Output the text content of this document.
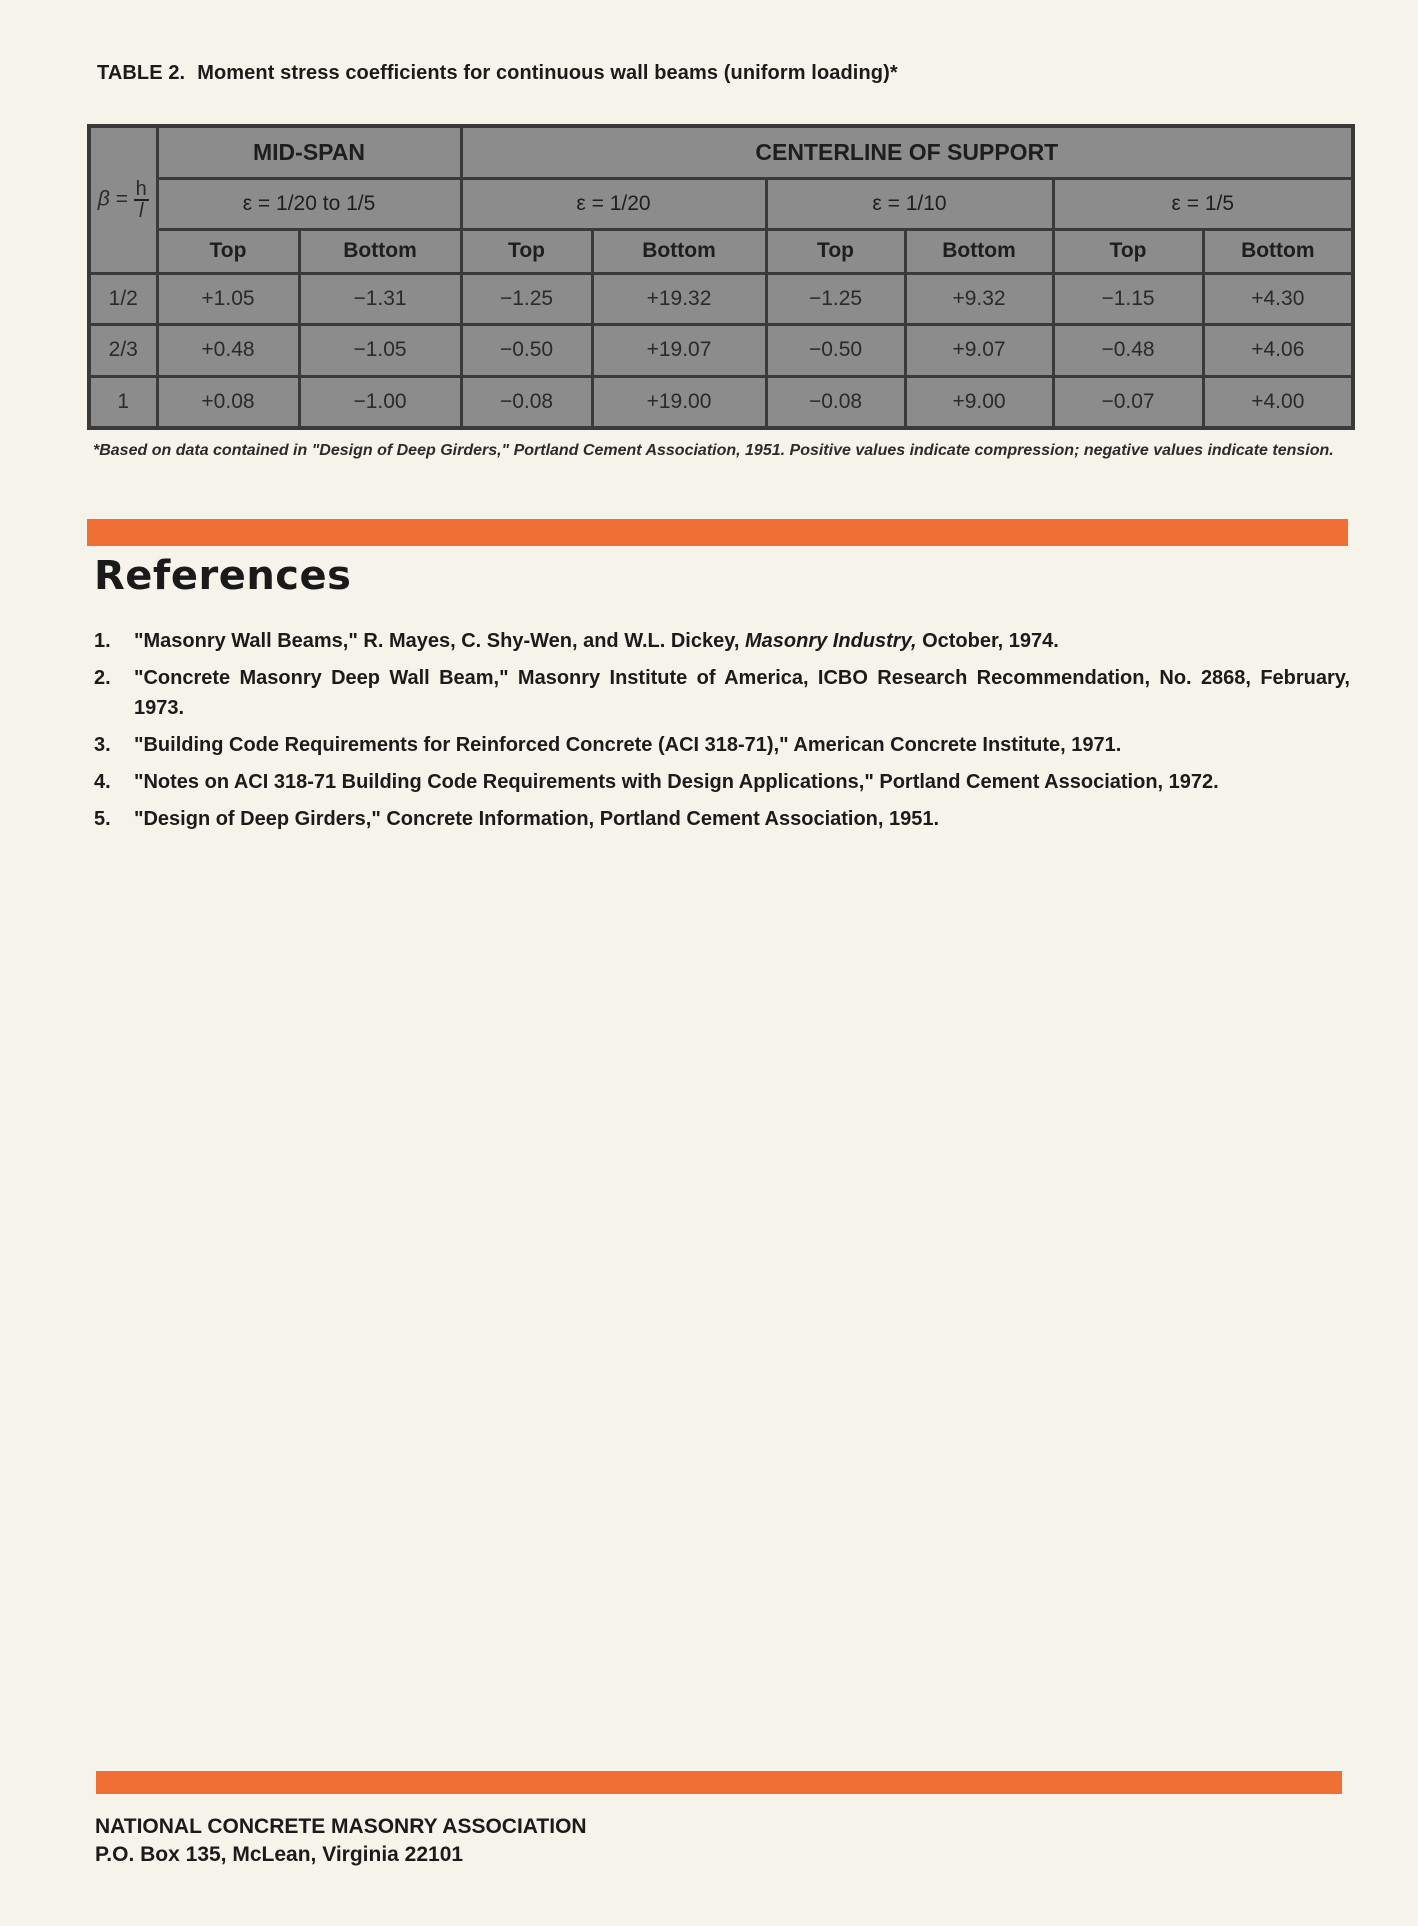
TABLE 2. Moment stress coefficients for continuous wall beams (uniform loading)*
$\beta = \frac{h}{l}$	MID-SPAN		CENTERLINE OF SUPPORT					
	ε = 1/20 to 1/5		ε = 1/20		ε = 1/10		ε = 1/5	
	Top	Bottom	Top	Bottom	Top	Bottom	Top	Bottom
1/2	+1.05	−1.31	−1.25	+19.32	−1.25	+9.32	−1.15	+4.30
2/3	+0.48	−1.05	−0.50	+19.07	−0.50	+9.07	−0.48	+4.06
1	+0.08	−1.00	−0.08	+19.00	−0.08	+9.00	−0.07	+4.00
*Based on data contained in "Design of Deep Girders," Portland Cement Association, 1951. Positive values indicate compression; negative values indicate tension.
References
1. "Masonry Wall Beams," R. Mayes, C. Shy-Wen, and W.L. Dickey, Masonry Industry, October, 1974.
2. "Concrete Masonry Deep Wall Beam," Masonry Institute of America, ICBO Research Recommendation, No. 2868, February, 1973.
3. "Building Code Requirements for Reinforced Concrete (ACI 318-71)," American Concrete Institute, 1971.
4. "Notes on ACI 318-71 Building Code Requirements with Design Applications," Portland Cement Association, 1972.
5. "Design of Deep Girders," Concrete Information, Portland Cement Association, 1951.
NATIONAL CONCRETE MASONRY ASSOCIATION
P.O. Box 135, McLean, Virginia 22101
